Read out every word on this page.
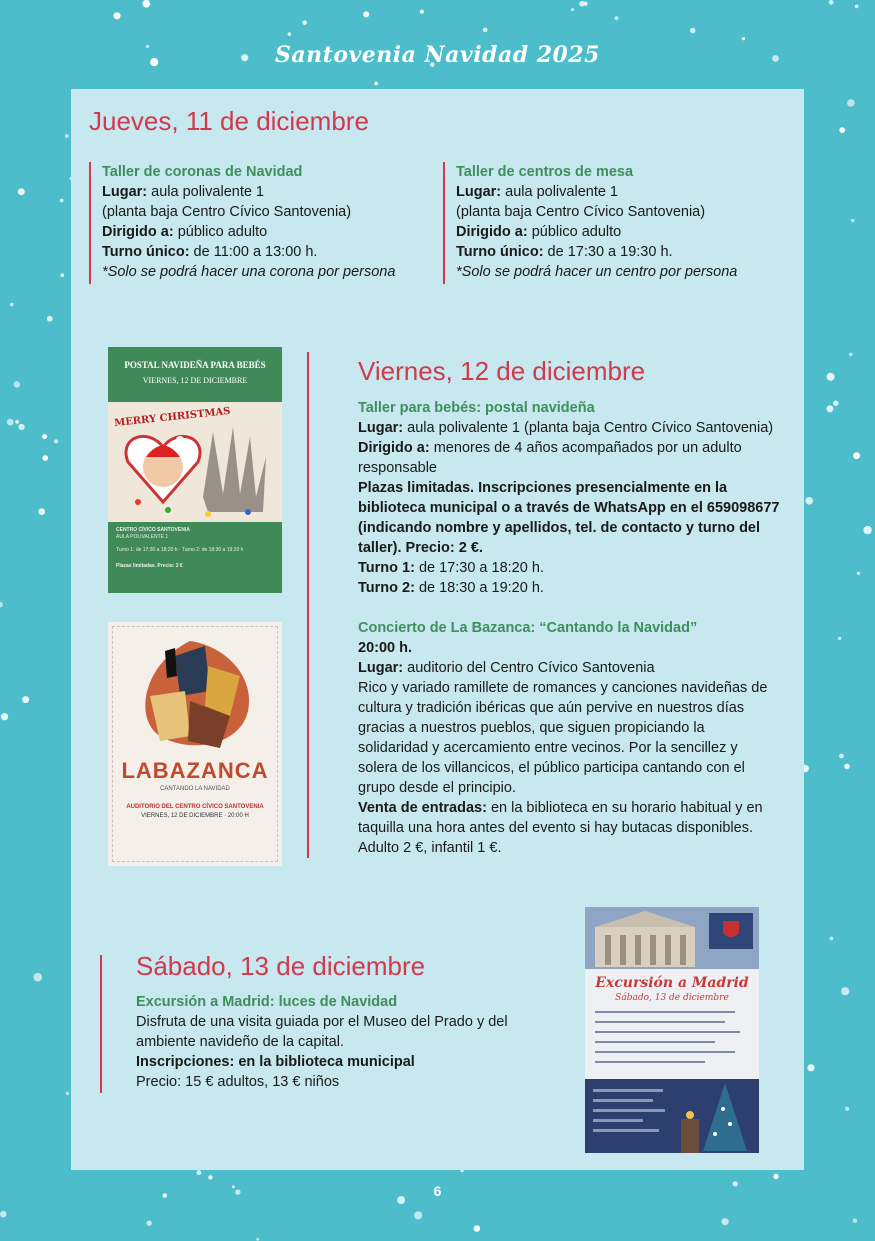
Santovenia Navidad 2025
Jueves, 11 de diciembre
Taller de coronas de Navidad
Lugar: aula polivalente 1
(planta baja Centro Cívico Santovenia)
Dirigido a: público adulto
Turno único: de 11:00 a 13:00 h.
*Solo se podrá hacer una corona por persona
Taller de centros de mesa
Lugar: aula polivalente 1
(planta baja Centro Cívico Santovenia)
Dirigido a: público adulto
Turno único: de 17:30 a 19:30 h.
*Solo se podrá hacer un centro por persona
POSTAL NAVIDEÑA PARA BEBÉS
VIERNES, 12 DE DICIEMBRE
MERRY CHRISTMAS
CENTRO CÍVICO SANTOVENIA
AULA POLIVALENTE 1
Turno 1: de 17:30 a 18:20 h · Turno 2: de 18:30 a 19:20 h
Plazas limitadas. Precio: 2 €
LABAZANCA
CANTANDO LA NAVIDAD
AUDITORIO DEL CENTRO CÍVICO SANTOVENIA
VIERNES, 12 DE DICIEMBRE · 20:00 H
Viernes, 12 de diciembre
Taller para bebés: postal navideña
Lugar: aula polivalente 1 (planta baja Centro Cívico Santovenia)
Dirigido a: menores de 4 años acompañados por un adulto responsable
Plazas limitadas. Inscripciones presencialmente en la biblioteca municipal o a través de WhatsApp en el 659098677 (indicando nombre y apellidos, tel. de contacto y turno del taller). Precio: 2 €.
Turno 1: de 17:30 a 18:20 h.
Turno 2: de 18:30 a 19:20 h.
Concierto de La Bazanca: “Cantando la Navidad”
20:00 h.
Lugar: auditorio del Centro Cívico Santovenia
Rico y variado ramillete de romances y canciones navideñas de cultura y tradición ibéricas que aún pervive en nuestros días gracias a nuestros pueblos, que siguen propiciando la solidaridad y acercamiento entre vecinos. Por la sencillez y solera de los villancicos, el público participa cantando con el grupo desde el principio.
Venta de entradas: en la biblioteca en su horario habitual y en taquilla una hora antes del evento si hay butacas disponibles. Adulto 2 €, infantil 1 €.
Sábado, 13 de diciembre
Excursión a Madrid: luces de Navidad
Disfruta de una visita guiada por el Museo del Prado y del ambiente navideño de la capital.
Inscripciones: en la biblioteca municipal
Precio: 15 € adultos, 13 € niños
Excursión a Madrid
Sábado, 13 de diciembre
6
